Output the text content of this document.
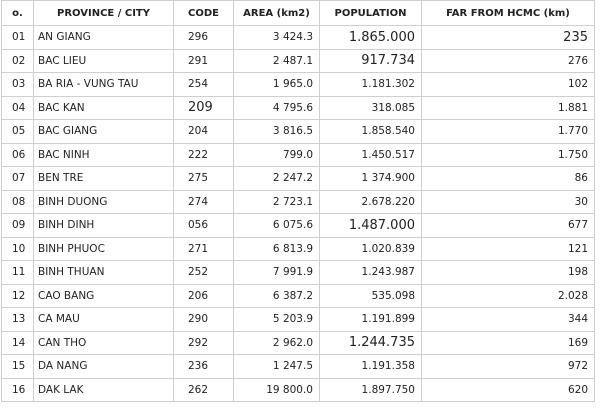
o.	PROVINCE / CITY	CODE	AREA (km2)	POPULATION	FAR FROM HCMC (km)
01	AN GIANG	296	3 424.3	1.865.000	235
02	BAC LIEU	291	2 487.1	917.734	276
03	BA RIA - VUNG TAU	254	1 965.0	1.181.302	102
04	BAC KAN	209	4 795.6	318.085	1.881
05	BAC GIANG	204	3 816.5	1.858.540	1.770
06	BAC NINH	222	799.0	1.450.517	1.750
07	BEN TRE	275	2 247.2	1 374.900	86
08	BINH DUONG	274	2 723.1	2.678.220	30
09	BINH DINH	056	6 075.6	1.487.000	677
10	BINH PHUOC	271	6 813.9	1.020.839	121
11	BINH THUAN	252	7 991.9	1.243.987	198
12	CAO BANG	206	6 387.2	535.098	2.028
13	CA MAU	290	5 203.9	1.191.899	344
14	CAN THO	292	2 962.0	1.244.735	169
15	DA NANG	236	1 247.5	1.191.358	972
16	DAK LAK	262	19 800.0	1.897.750	620
